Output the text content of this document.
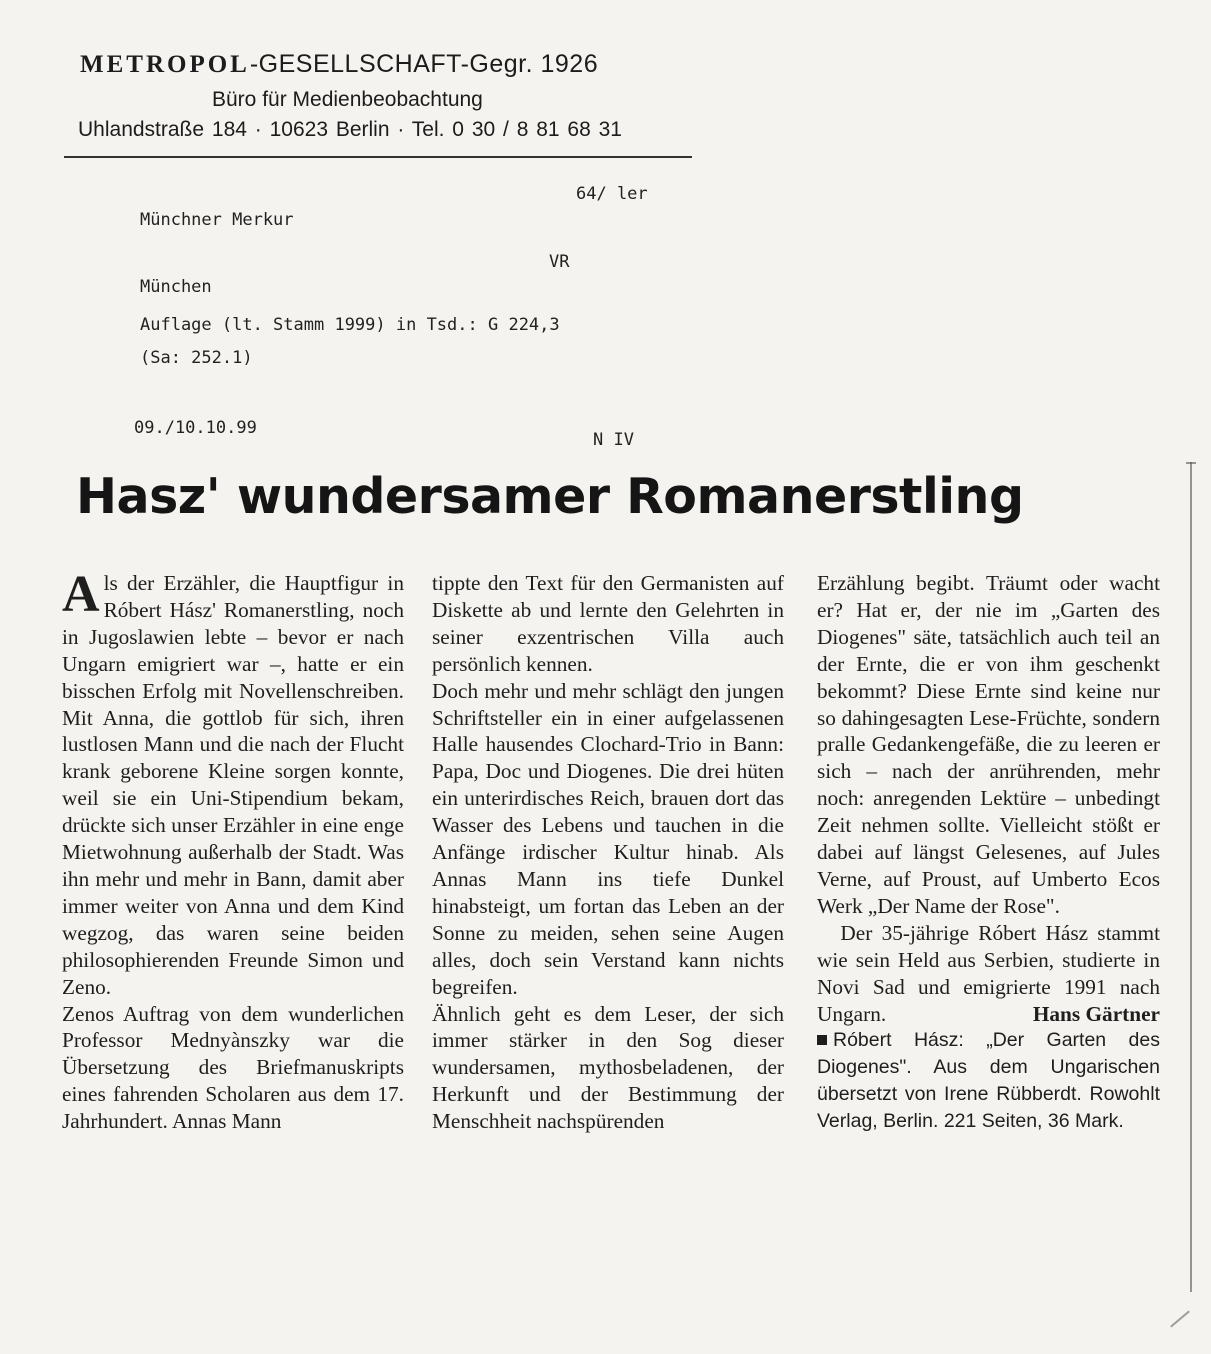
METROPOL-GESELLSCHAFT-Gegr. 1926
Büro für Medienbeobachtung
Uhlandstraße 184 · 10623 Berlin · Tel. 0 30 / 8 81 68 31
64/ ler
Münchner Merkur
VR
München
Auflage (lt. Stamm 1999) in Tsd.: G 224,3
(Sa: 252.1)
09./10.10.99
N IV
Hasz' wundersamer Romanerstling

Als der Erzähler, die Hauptfigur in Róbert Hász' Romanerstling, noch in Jugoslawien lebte – bevor er nach Ungarn emigriert war –, hatte er ein bisschen Erfolg mit Novellenschreiben. Mit Anna, die gottlob für sich, ihren lustlosen Mann und die nach der Flucht krank geborene Kleine sorgen konnte, weil sie ein Uni-Stipendium bekam, drückte sich unser Erzähler in eine enge Mietwohnung außerhalb der Stadt. Was ihn mehr und mehr in Bann, damit aber immer weiter von Anna und dem Kind wegzog, das waren seine beiden philosophierenden Freunde Simon und Zeno.

Zenos Auftrag von dem wunderlichen Professor Mednyànszky war die Übersetzung des Briefmanuskripts eines fahrenden Scholaren aus dem 17. Jahrhundert. Annas Mann

tippte den Text für den Germanisten auf Diskette ab und lernte den Gelehrten in seiner exzentrischen Villa auch persönlich kennen.

Doch mehr und mehr schlägt den jungen Schriftsteller ein in einer aufgelassenen Halle hausendes Clochard-Trio in Bann: Papa, Doc und Diogenes. Die drei hüten ein unterirdisches Reich, brauen dort das Wasser des Lebens und tauchen in die Anfänge irdischer Kultur hinab. Als Annas Mann ins tiefe Dunkel hinabsteigt, um fortan das Leben an der Sonne zu meiden, sehen seine Augen alles, doch sein Verstand kann nichts begreifen.

Ähnlich geht es dem Leser, der sich immer stärker in den Sog dieser wundersamen, mythosbeladenen, der Herkunft und der Bestimmung der Menschheit nachspürenden

Erzählung begibt. Träumt oder wacht er? Hat er, der nie im „Garten des Diogenes" säte, tatsächlich auch teil an der Ernte, die er von ihm geschenkt bekommt? Diese Ernte sind keine nur so dahingesagten Lese-Früchte, sondern pralle Gedankengefäße, die zu leeren er sich – nach der anrührenden, mehr noch: anregenden Lektüre – unbedingt Zeit nehmen sollte. Vielleicht stößt er dabei auf längst Gelesenes, auf Jules Verne, auf Proust, auf Umberto Ecos Werk „Der Name der Rose".

Der 35-jährige Róbert Hász stammt wie sein Held aus Serbien, studierte in Novi Sad und emigrierte 1991 nach Ungarn.	Hans Gärtner

Róbert Hász: „Der Garten des Diogenes". Aus dem Ungarischen übersetzt von Irene Rübberdt. Rowohlt Verlag, Berlin. 221 Seiten, 36 Mark.
